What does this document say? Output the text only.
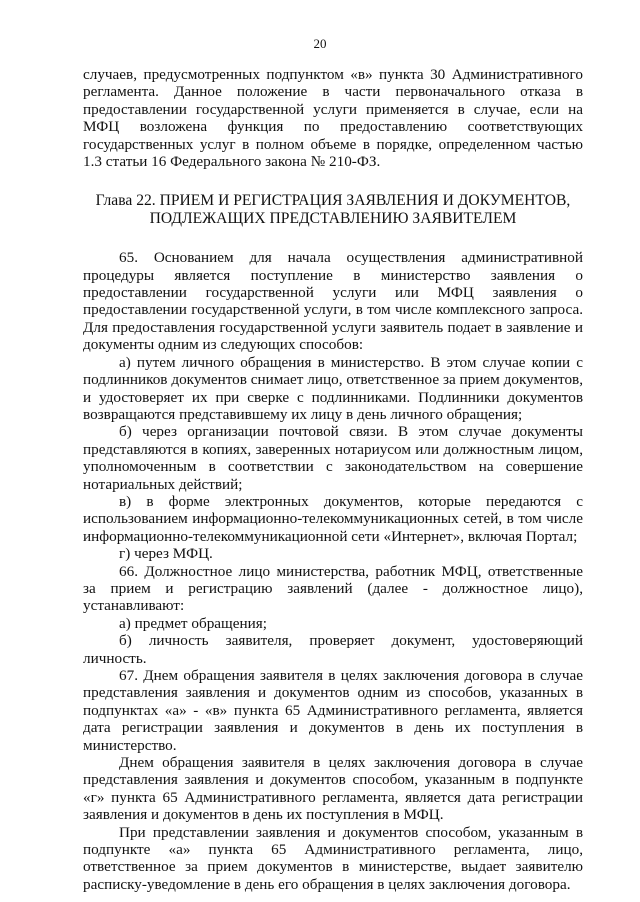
20

случаев, предусмотренных подпунктом «в» пункта 30 Административного регламента. Данное положение в части первоначального отказа в предоставлении государственной услуги применяется в случае, если на МФЦ возложена функция по предоставлению соответствующих государственных услуг в полном объеме в порядке, определенном частью 1.3 статьи 16 Федерального закона № 210-ФЗ.

Глава 22. ПРИЕМ И РЕГИСТРАЦИЯ ЗАЯВЛЕНИЯ И ДОКУМЕНТОВ, ПОДЛЕЖАЩИХ ПРЕДСТАВЛЕНИЮ ЗАЯВИТЕЛЕМ

65. Основанием для начала осуществления административной процедуры является поступление в министерство заявления о предоставлении государственной услуги или МФЦ заявления о предоставлении государственной услуги, в том числе комплексного запроса. Для предоставления государственной услуги заявитель подает в заявление и документы одним из следующих способов:

а) путем личного обращения в министерство. В этом случае копии с подлинников документов снимает лицо, ответственное за прием документов, и удостоверяет их при сверке с подлинниками. Подлинники документов возвращаются представившему их лицу в день личного обращения;

б) через организации почтовой связи. В этом случае документы представляются в копиях, заверенных нотариусом или должностным лицом, уполномоченным в соответствии с законодательством на совершение нотариальных действий;

в) в форме электронных документов, которые передаются с использованием информационно-телекоммуникационных сетей, в том числе информационно-телекоммуникационной сети «Интернет», включая Портал;

г) через МФЦ.

66. Должностное лицо министерства, работник МФЦ, ответственные за прием и регистрацию заявлений (далее - должностное лицо), устанавливают:

а) предмет обращения;

б) личность заявителя, проверяет документ, удостоверяющий личность.

67. Днем обращения заявителя в целях заключения договора в случае представления заявления и документов одним из способов, указанных в подпунктах «а» - «в» пункта 65 Административного регламента, является дата регистрации заявления и документов в день их поступления в министерство.

Днем обращения заявителя в целях заключения договора в случае представления заявления и документов способом, указанным в подпункте «г» пункта 65 Административного регламента, является дата регистрации заявления и документов в день их поступления в МФЦ.

При представлении заявления и документов способом, указанным в подпункте «а» пункта 65 Административного регламента, лицо, ответственное за прием документов в министерстве, выдает заявителю расписку-уведомление в день его обращения в целях заключения договора.
